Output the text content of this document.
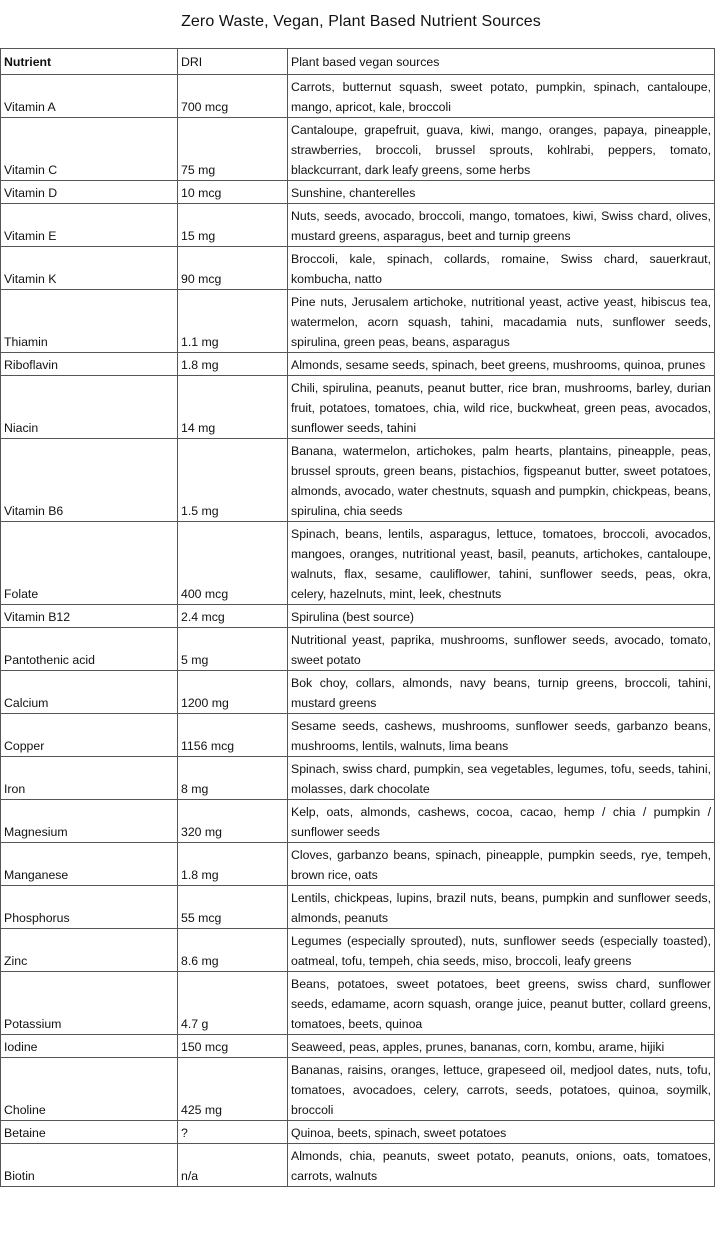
Zero Waste, Vegan, Plant Based Nutrient Sources
Nutrient	DRI	Plant based vegan sources
Vitamin A	700 mcg	Carrots, butternut squash, sweet potato, pumpkin, spinach, cantaloupe, mango, apricot, kale, broccoli
Vitamin C	75 mg	Cantaloupe, grapefruit, guava, kiwi, mango, oranges, papaya, pineapple, strawberries, broccoli, brussel sprouts, kohlrabi, peppers, tomato, blackcurrant, dark leafy greens, some herbs
Vitamin D	10 mcg	Sunshine, chanterelles
Vitamin E	15 mg	Nuts, seeds, avocado, broccoli, mango, tomatoes, kiwi, Swiss chard, olives, mustard greens, asparagus, beet and turnip greens
Vitamin K	90 mcg	Broccoli, kale, spinach, collards, romaine, Swiss chard, sauerkraut, kombucha, natto
Thiamin	1.1 mg	Pine nuts, Jerusalem artichoke, nutritional yeast, active yeast, hibiscus tea, watermelon, acorn squash, tahini, macadamia nuts, sunflower seeds, spirulina, green peas, beans, asparagus
Riboflavin	1.8 mg	Almonds, sesame seeds, spinach, beet greens, mushrooms, quinoa, prunes
Niacin	14 mg	Chili, spirulina, peanuts, peanut butter, rice bran, mushrooms, barley, durian fruit, potatoes, tomatoes, chia, wild rice, buckwheat, green peas, avocados, sunflower seeds, tahini
Vitamin B6	1.5 mg	Banana, watermelon, artichokes, palm hearts, plantains, pineapple, peas, brussel sprouts, green beans, pistachios, figspeanut butter, sweet potatoes, almonds, avocado, water chestnuts, squash and pumpkin, chickpeas, beans, spirulina, chia seeds
Folate	400 mcg	Spinach, beans, lentils, asparagus, lettuce, tomatoes, broccoli, avocados, mangoes, oranges, nutritional yeast, basil, peanuts, artichokes, cantaloupe, walnuts, flax, sesame, cauliflower, tahini, sunflower seeds, peas, okra, celery, hazelnuts, mint, leek, chestnuts
Vitamin B12	2.4 mcg	Spirulina (best source)
Pantothenic acid	5 mg	Nutritional yeast, paprika, mushrooms, sunflower seeds, avocado, tomato, sweet potato
Calcium	1200 mg	Bok choy, collars, almonds, navy beans, turnip greens, broccoli, tahini, mustard greens
Copper	1156 mcg	Sesame seeds, cashews, mushrooms, sunflower seeds, garbanzo beans, mushrooms, lentils, walnuts, lima beans
Iron	8 mg	Spinach, swiss chard, pumpkin, sea vegetables, legumes, tofu, seeds, tahini, molasses, dark chocolate
Magnesium	320 mg	Kelp, oats, almonds, cashews, cocoa, cacao, hemp / chia / pumpkin / sunflower seeds
Manganese	1.8 mg	Cloves, garbanzo beans, spinach, pineapple, pumpkin seeds, rye, tempeh, brown rice, oats
Phosphorus	55 mcg	Lentils, chickpeas, lupins, brazil nuts, beans, pumpkin and sunflower seeds, almonds, peanuts
Zinc	8.6 mg	Legumes (especially sprouted), nuts, sunflower seeds (especially toasted), oatmeal, tofu, tempeh, chia seeds, miso, broccoli, leafy greens
Potassium	4.7 g	Beans, potatoes, sweet potatoes, beet greens, swiss chard, sunflower seeds, edamame, acorn squash, orange juice, peanut butter, collard greens, tomatoes, beets, quinoa
Iodine	150 mcg	Seaweed, peas, apples, prunes, bananas, corn, kombu, arame, hijiki
Choline	425 mg	Bananas, raisins, oranges, lettuce, grapeseed oil, medjool dates, nuts, tofu, tomatoes, avocadoes, celery, carrots, seeds, potatoes, quinoa, soymilk, broccoli
Betaine	?	Quinoa, beets, spinach, sweet potatoes
Biotin	n/a	Almonds, chia, peanuts, sweet potato, peanuts, onions, oats, tomatoes, carrots, walnuts
